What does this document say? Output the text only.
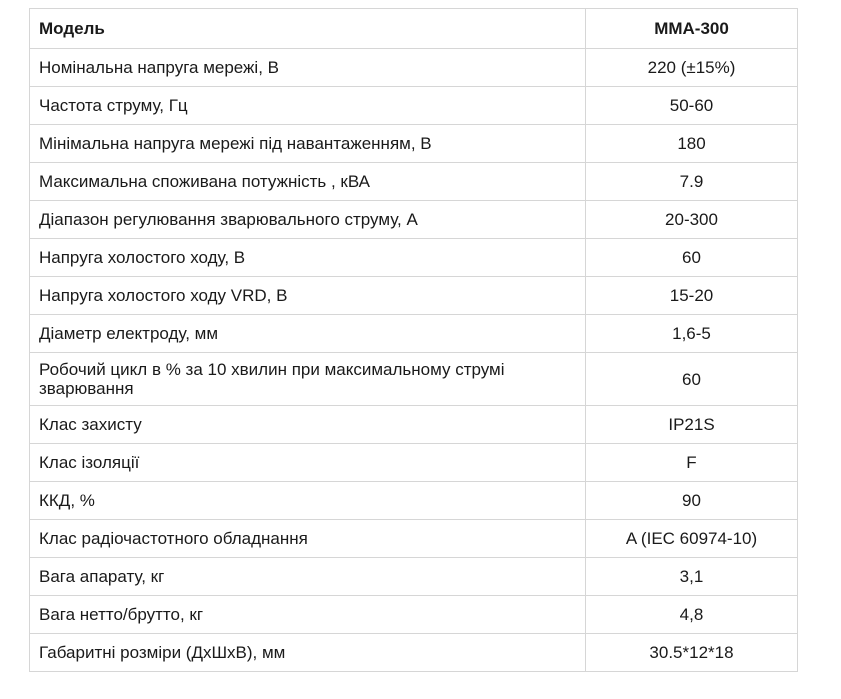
Модель	ММА-300
Номінальна напруга мережі, В	220 (±15%)
Частота струму, Гц	50-60
Мінімальна напруга мережі під навантаженням, В	180
Максимальна споживана потужність , кВА	7.9
Діапазон регулювання зварювального струму, А	20-300
Напруга холостого ходу, В	60
Напруга холостого ходу VRD, В	15-20
Діаметр електроду, мм	1,6-5
Робочий цикл в % за 10 хвилин при максимальному струмі зварювання	60
Клас захисту	IP21S
Клас ізоляції	F
ККД, %	90
Клас радіочастотного обладнання	A (IEC 60974-10)
Вага апарату, кг	3,1
Вага нетто/брутто, кг	4,8
Габаритні розміри (ДхШхВ), мм	30.5*12*18
